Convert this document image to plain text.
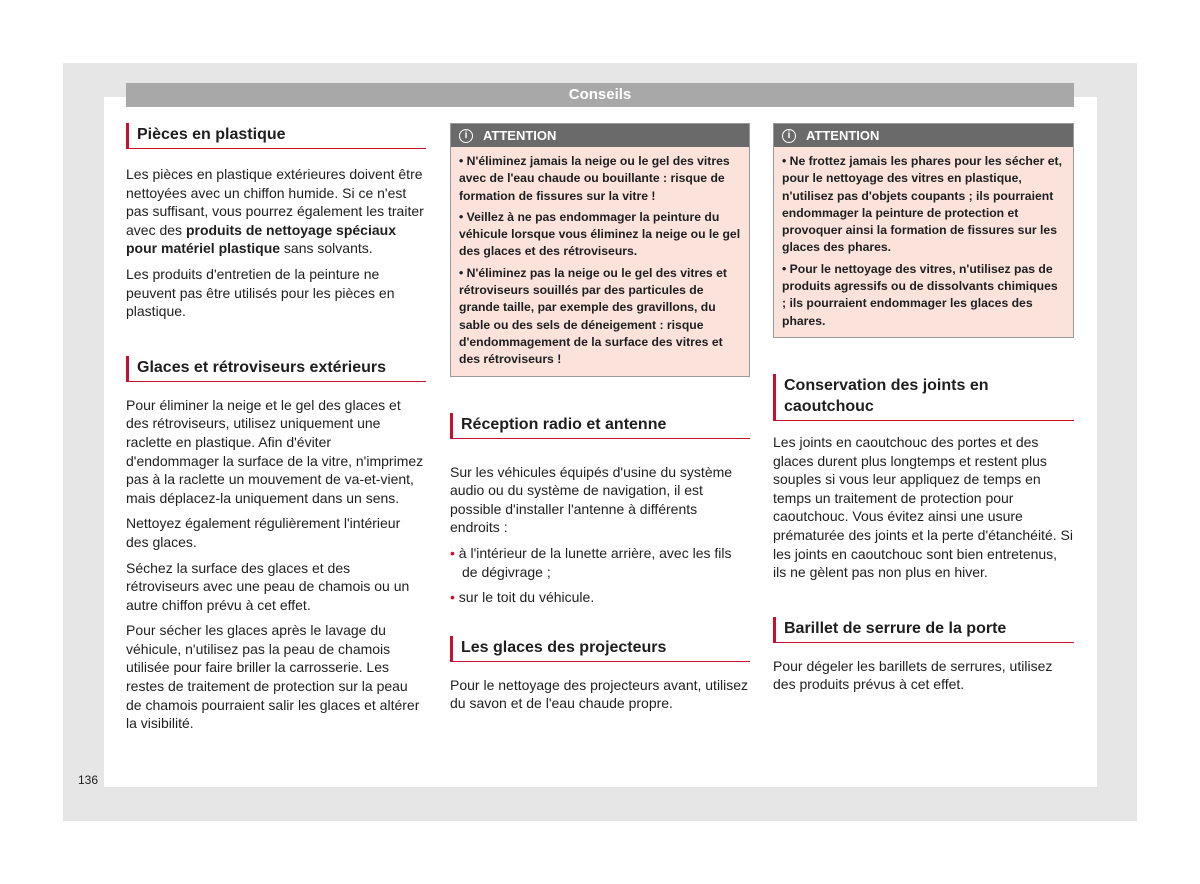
Conseils
Pièces en plastique

Les pièces en plastique extérieures doivent être nettoyées avec un chiffon humide. Si ce n'est pas suffisant, vous pourrez également les traiter avec des produits de nettoyage spéciaux pour matériel plastique sans solvants.

Les produits d'entretien de la peinture ne peuvent pas être utilisés pour les pièces en plastique.

Glaces et rétroviseurs extérieurs

Pour éliminer la neige et le gel des glaces et des rétroviseurs, utilisez uniquement une raclette en plastique. Afin d'éviter d'endommager la surface de la vitre, n'imprimez pas à la raclette un mouvement de va-et-vient, mais déplacez-la uniquement dans un sens.

Nettoyez également régulièrement l'intérieur des glaces.

Séchez la surface des glaces et des rétroviseurs avec une peau de chamois ou un autre chiffon prévu à cet effet.

Pour sécher les glaces après le lavage du véhicule, n'utilisez pas la peau de chamois utilisée pour faire briller la carrosserie. Les restes de traitement de protection sur la peau de chamois pourraient salir les glaces et altérer la visibilité.

i	ATTENTION

• N'éliminez jamais la neige ou le gel des vitres avec de l'eau chaude ou bouillante : risque de formation de fissures sur la vitre !

• Veillez à ne pas endommager la peinture du véhicule lorsque vous éliminez la neige ou le gel des glaces et des rétroviseurs.

• N'éliminez pas la neige ou le gel des vitres et rétroviseurs souillés par des particules de grande taille, par exemple des gravillons, du sable ou des sels de déneigement : risque d'endommagement de la surface des vitres et des rétroviseurs !

Réception radio et antenne

Sur les véhicules équipés d'usine du système audio ou du système de navigation, il est possible d'installer l'antenne à différents endroits :

• à l'intérieur de la lunette arrière, avec les fils de dégivrage ;

• sur le toit du véhicule.

Les glaces des projecteurs

Pour le nettoyage des projecteurs avant, utilisez du savon et de l'eau chaude propre.

i	ATTENTION

• Ne frottez jamais les phares pour les sécher et, pour le nettoyage des vitres en plastique, n'utilisez pas d'objets coupants ; ils pourraient endommager la peinture de protection et provoquer ainsi la formation de fissures sur les glaces des phares.

• Pour le nettoyage des vitres, n'utilisez pas de produits agressifs ou de dissolvants chimiques ; ils pourraient endommager les glaces des phares.

Conservation des joints en caoutchouc

Les joints en caoutchouc des portes et des glaces durent plus longtemps et restent plus souples si vous leur appliquez de temps en temps un traitement de protection pour caoutchouc. Vous évitez ainsi une usure prématurée des joints et la perte d'étanchéité. Si les joints en caoutchouc sont bien entretenus, ils ne gèlent pas non plus en hiver.

Barillet de serrure de la porte

Pour dégeler les barillets de serrures, utilisez des produits prévus à cet effet.

136
